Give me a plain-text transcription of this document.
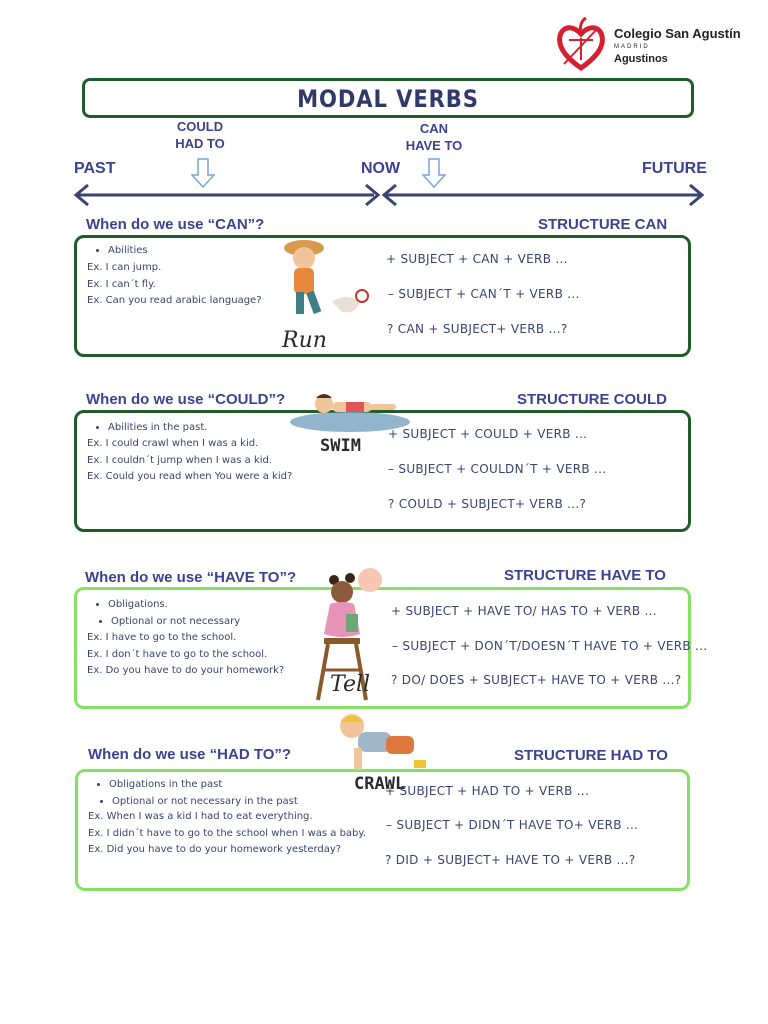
Colegio San Agustín
MADRID
Agustinos
MODAL VERBS
COULD
HAD TO
CAN
HAVE TO
PAST	NOW	FUTURE
When do we use “CAN”?	STRUCTURE CAN
• Abilities
Ex. I can jump.
Ex. I can´t fly.
Ex. Can you read arabic language?
Run
+ SUBJECT + CAN + VERB ...
– SUBJECT + CAN´T + VERB ...
? CAN + SUBJECT+ VERB ...?
When do we use “COULD”?	STRUCTURE COULD
SWIM
• Abilities in the past.
Ex. I could crawl when I was a kid.
Ex. I couldn´t jump when I was a kid.
Ex. Could you read when You were a kid?
+ SUBJECT + COULD + VERB ...
– SUBJECT + COULDN´T + VERB ...
? COULD + SUBJECT+ VERB ...?
When do we use “HAVE TO”?	STRUCTURE HAVE TO
• Obligations.
• Optional or not necessary
Ex. I have to go to the school.
Ex. I don´t have to go to the school.
Ex. Do you have to do your homework?
Tell
+ SUBJECT + HAVE TO/ HAS TO + VERB ...
– SUBJECT + DON´T/DOESN´T HAVE TO + VERB ...
? DO/ DOES + SUBJECT+ HAVE TO + VERB ...?
When do we use “HAD TO”?	STRUCTURE HAD TO
CRAWL
• Obligations in the past
• Optional or not necessary in the past
Ex. When I was a kid I had to eat everything.
Ex. I didn´t have to go to the school when I was a baby.
Ex. Did you have to do your homework yesterday?
+ SUBJECT + HAD TO + VERB ...
– SUBJECT + DIDN´T HAVE TO+ VERB ...
? DID + SUBJECT+ HAVE TO + VERB ...?
